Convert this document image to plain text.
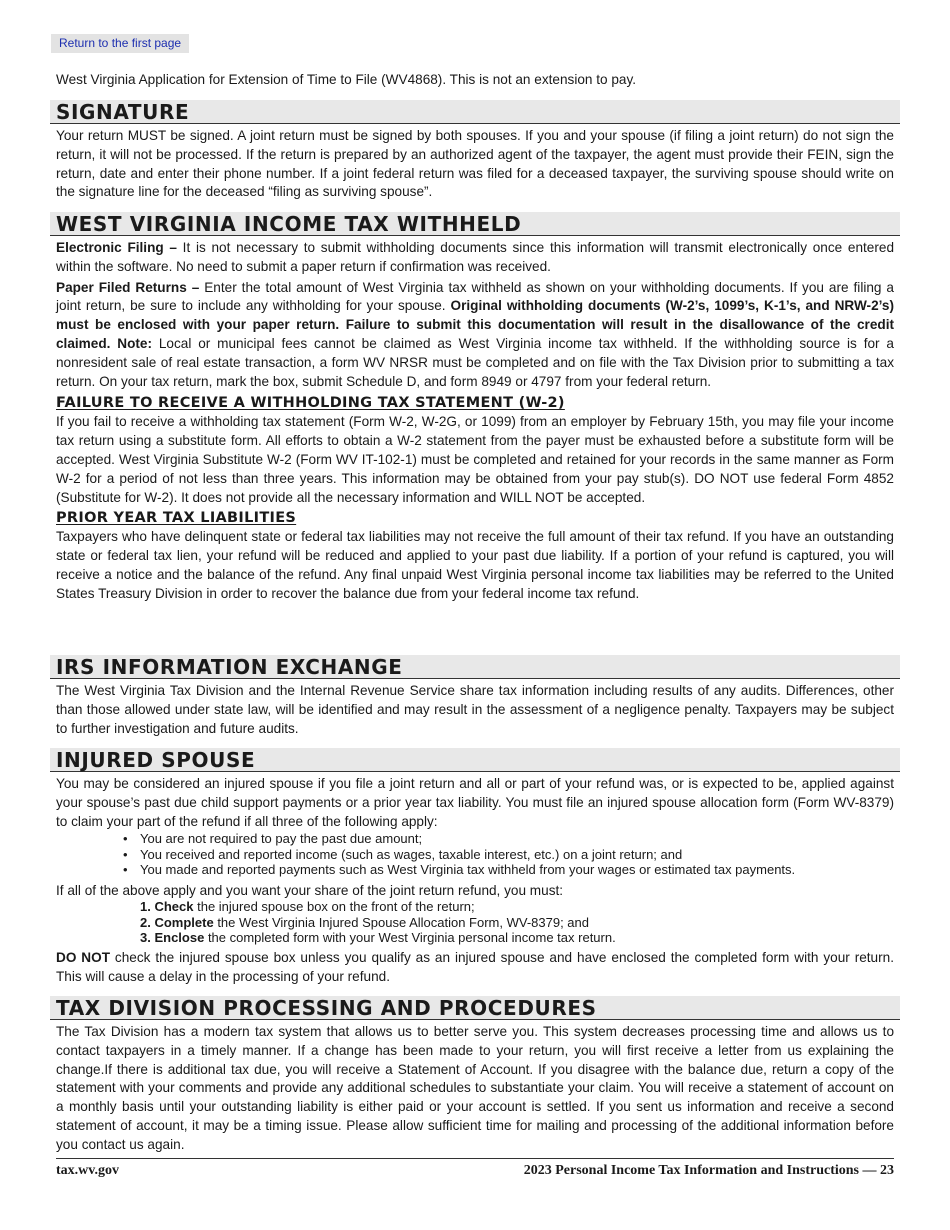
Return to the first page

West Virginia Application for Extension of Time to File (WV4868). This is not an extension to pay.

SIGNATURE

Your return MUST be signed. A joint return must be signed by both spouses. If you and your spouse (if filing a joint return) do not sign the return, it will not be processed. If the return is prepared by an authorized agent of the taxpayer, the agent must provide their FEIN, sign the return, date and enter their phone number. If a joint federal return was filed for a deceased taxpayer, the surviving spouse should write on the signature line for the deceased “filing as surviving spouse”.

WEST VIRGINIA INCOME TAX WITHHELD

Electronic Filing – It is not necessary to submit withholding documents since this information will transmit electronically once entered within the software. No need to submit a paper return if confirmation was received.

Paper Filed Returns – Enter the total amount of West Virginia tax withheld as shown on your withholding documents. If you are filing a joint return, be sure to include any withholding for your spouse. Original withholding documents (W-2’s, 1099’s, K-1’s, and NRW-2’s) must be enclosed with your paper return. Failure to submit this documentation will result in the disallowance of the credit claimed. Note: Local or municipal fees cannot be claimed as West Virginia income tax withheld. If the withholding source is for a nonresident sale of real estate transaction, a form WV NRSR must be completed and on file with the Tax Division prior to submitting a tax return. On your tax return, mark the box, submit Schedule D, and form 8949 or 4797 from your federal return.

FAILURE TO RECEIVE A WITHHOLDING TAX STATEMENT (W-2)

If you fail to receive a withholding tax statement (Form W-2, W-2G, or 1099) from an employer by February 15th, you may file your income tax return using a substitute form. All efforts to obtain a W-2 statement from the payer must be exhausted before a substitute form will be accepted. West Virginia Substitute W-2 (Form WV IT-102-1) must be completed and retained for your records in the same manner as Form W-2 for a period of not less than three years. This information may be obtained from your pay stub(s). DO NOT use federal Form 4852 (Substitute for W-2). It does not provide all the necessary information and WILL NOT be accepted.

PRIOR YEAR TAX LIABILITIES

Taxpayers who have delinquent state or federal tax liabilities may not receive the full amount of their tax refund. If you have an outstanding state or federal tax lien, your refund will be reduced and applied to your past due liability. If a portion of your refund is captured, you will receive a notice and the balance of the refund. Any final unpaid West Virginia personal income tax liabilities may be referred to the United States Treasury Division in order to recover the balance due from your federal income tax refund.

IRS INFORMATION EXCHANGE

The West Virginia Tax Division and the Internal Revenue Service share tax information including results of any audits. Differences, other than those allowed under state law, will be identified and may result in the assessment of a negligence penalty. Taxpayers may be subject to further investigation and future audits.

INJURED SPOUSE

You may be considered an injured spouse if you file a joint return and all or part of your refund was, or is expected to be, applied against your spouse’s past due child support payments or a prior year tax liability. You must file an injured spouse allocation form (Form WV-8379) to claim your part of the refund if all three of the following apply:

• You are not required to pay the past due amount;
• You received and reported income (such as wages, taxable interest, etc.) on a joint return; and
• You made and reported payments such as West Virginia tax withheld from your wages or estimated tax payments.

If all of the above apply and you want your share of the joint return refund, you must:

1. Check the injured spouse box on the front of the return;
2. Complete the West Virginia Injured Spouse Allocation Form, WV-8379; and
3. Enclose the completed form with your West Virginia personal income tax return.

DO NOT check the injured spouse box unless you qualify as an injured spouse and have enclosed the completed form with your return. This will cause a delay in the processing of your refund.

TAX DIVISION PROCESSING AND PROCEDURES

The Tax Division has a modern tax system that allows us to better serve you. This system decreases processing time and allows us to contact taxpayers in a timely manner. If a change has been made to your return, you will first receive a letter from us explaining the change.If there is additional tax due, you will receive a Statement of Account. If you disagree with the balance due, return a copy of the statement with your comments and provide any additional schedules to substantiate your claim. You will receive a statement of account on a monthly basis until your outstanding liability is either paid or your account is settled. If you sent us information and receive a second statement of account, it may be a timing issue. Please allow sufficient time for mailing and processing of the additional information before you contact us again.

tax.wv.gov	2023 Personal Income Tax Information and Instructions — 23
